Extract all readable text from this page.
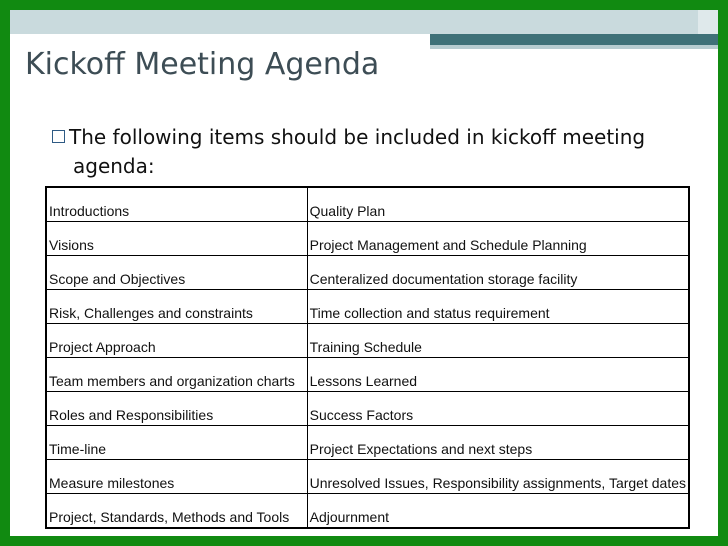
Kickoff Meeting Agenda
The following items should be included in kickoff meeting
agenda:
Introductions	Quality Plan
Visions	Project Management and Schedule Planning
Scope and Objectives	Centeralized documentation storage facility
Risk, Challenges and constraints	Time collection and status requirement
Project Approach	Training Schedule
Team members and organization charts	Lessons Learned
Roles and Responsibilities	Success Factors
Time-line	Project Expectations and next steps
Measure milestones	Unresolved Issues, Responsibility assignments, Target dates
Project, Standards, Methods and Tools	Adjournment
